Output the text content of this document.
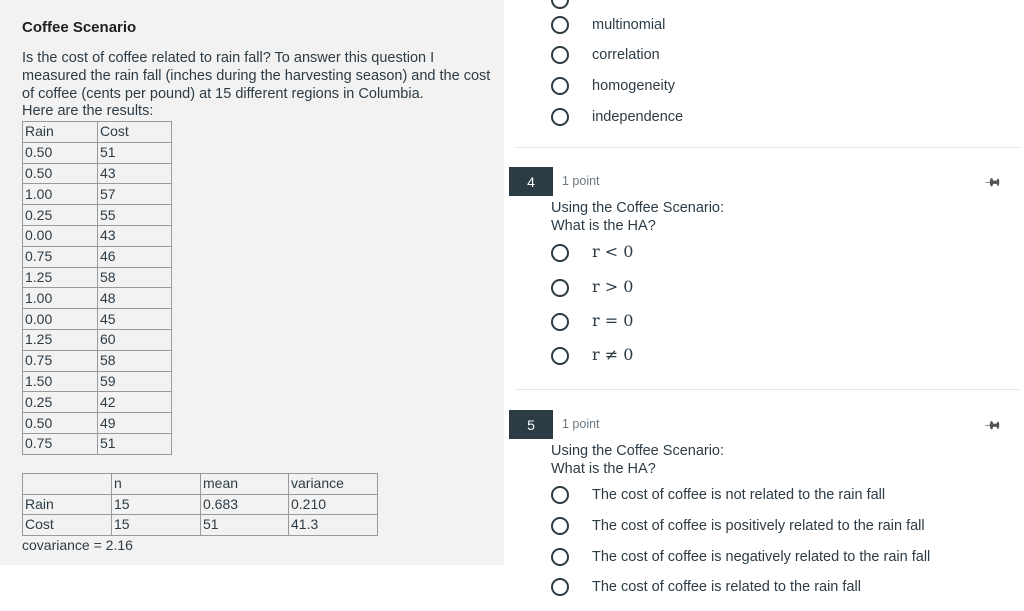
Coffee Scenario
Is the cost of coffee related to rain fall? To answer this question I measured the rain fall (inches during the harvesting season) and the cost of coffee (cents per pound) at 15 different regions in Columbia.
Here are the results:
Rain	Cost
0.50	51
0.50	43
1.00	57
0.25	55
0.00	43
0.75	46
1.25	58
1.00	48
0.00	45
1.25	60
0.75	58
1.50	59
0.25	42
0.50	49
0.75	51
	n	mean	variance
Rain	15	0.683	0.210
Cost	15	51	41.3
covariance = 2.16
multinomial
correlation
homogeneity
independence
4	1 point	🖈
Using the Coffee Scenario:
What is the HA?
r < 0
r > 0
r = 0
r ≠ 0
5	1 point	🖈
Using the Coffee Scenario:
What is the HA?
The cost of coffee is not related to the rain fall
The cost of coffee is positively related to the rain fall
The cost of coffee is negatively related to the rain fall
The cost of coffee is related to the rain fall
